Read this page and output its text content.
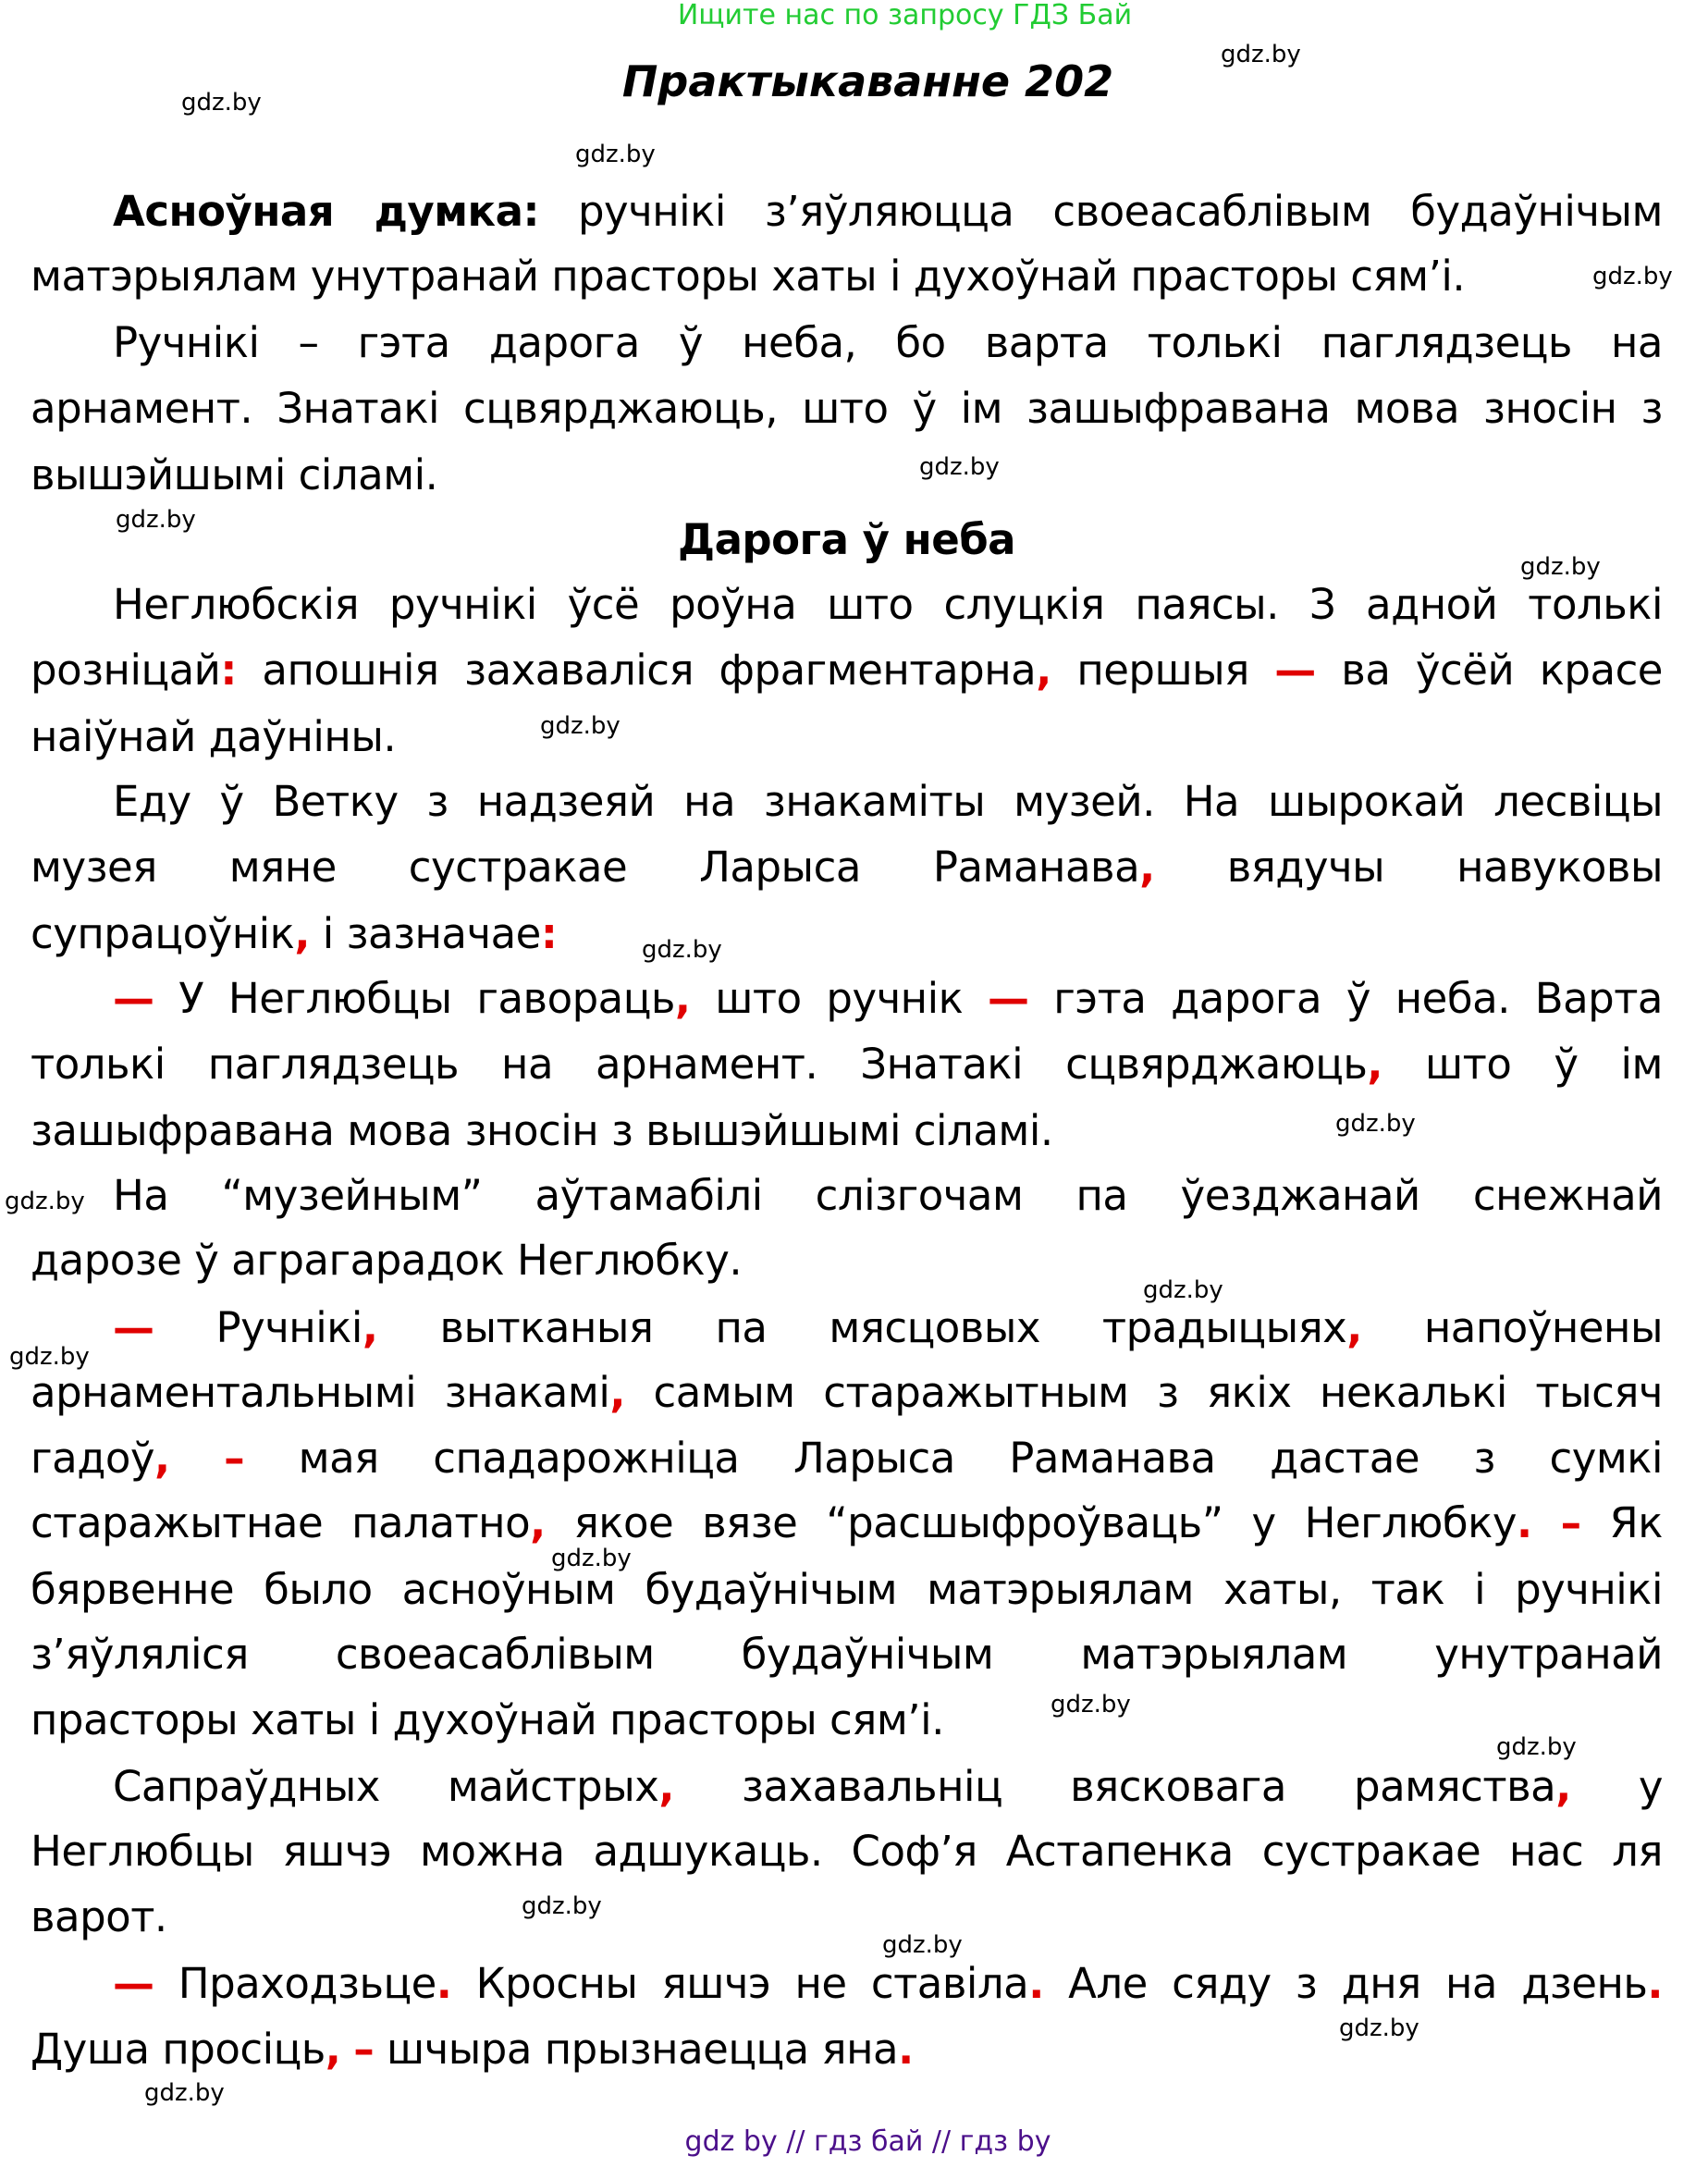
Ищите нас по запросу ГДЗ Бай
Практыкаванне 202
gdz.by
gdz.by
gdz.by
gdz.by
gdz.by
gdz.by
gdz.by
gdz.by
gdz.by
gdz.by
gdz.by
gdz.by
gdz.by
gdz.by
gdz.by
gdz.by
gdz.by
gdz.by
gdz.by
gdz.by
Асноўная думка: ручнікі з’яўляюцца своеасаблівым будаўнічым
матэрыялам унутранай прасторы хаты і духоўнай прасторы сям’і.
Ручнікі – гэта дарога ў неба, бо варта толькі паглядзець на
арнамент. Знатакі сцвярджаюць, што ў ім зашыфравана мова зносін з
вышэйшымі сіламі.
Дарога ў неба
Неглюбскія ручнікі ўсё роўна што слуцкія паясы. З адной толькі
розніцай: апошнія захаваліся фрагментарна, першыя — ва ўсёй красе
наіўнай даўніны.
Еду ў Ветку з надзеяй на знакаміты музей. На шырокай лесвіцы
музея мяне сустракае Ларыса Раманава, вядучы навуковы
супрацоўнік, і зазначае:
— У Неглюбцы гавораць, што ручнік — гэта дарога ў неба. Варта
толькі паглядзець на арнамент. Знатакі сцвярджаюць, што ў ім
зашыфравана мова зносін з вышэйшымі сіламі.
На “музейным” аўтамабілі слізгочам па ўезджанай снежнай
дарозе ў аграгарадок Неглюбку.
— Ручнікі, вытканыя па мясцовых традыцыях, напоўнены
арнаментальнымі знакамі, самым старажытным з якіх некалькі тысяч
гадоў, – мая спадарожніца Ларыса Раманава дастае з сумкі
старажытнае палатно, якое вязе “расшыфроўваць” у Неглюбку. – Як
бярвенне было асноўным будаўнічым матэрыялам хаты, так і ручнікі
з’яўляліся своеасаблівым будаўнічым матэрыялам унутранай
прасторы хаты і духоўнай прасторы сям’і.
Сапраўдных майстрых, захавальніц вясковага рамяства, у
Неглюбцы яшчэ можна адшукаць. Соф’я Астапенка сустракае нас ля
варот.
— Праходзьце. Кросны яшчэ не ставіла. Але сяду з дня на дзень.
Душа просіць, – шчыра прызнаецца яна.
gdz by // гдз бай // гдз by
